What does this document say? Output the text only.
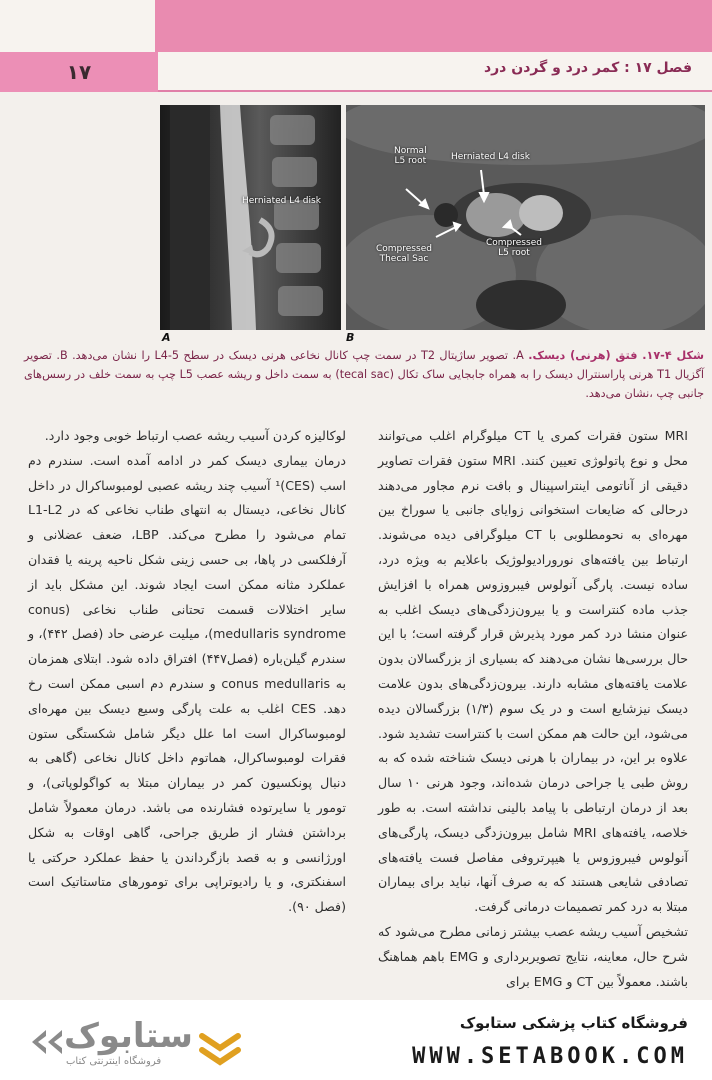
۱۷	فصل ۱۷ : کمر درد و گردن درد
Herniated L4 disk
A
Normal
L5 root	Herniated L4 disk
Compressed
Thecal Sac
Compressed
L5 root
B
شکل ۴-۱۷. فتق (هرنی) دیسک. A. تصویر ساژیتال T2 در سمت چپ کانال نخاعی هرنی دیسک در سطح L4-5 را نشان می‌دهد. B. تصویر آگزیال T1 هرنی پاراسنترال دیسک را به همراه جابجایی ساک تکال (tecal sac) به سمت داخل و ریشه عصب L5 چپ به سمت خلف در رسس‌های جانبی چپ ،نشان می‌دهد.

MRI ستون فقرات کمری یا CT میلوگرام اغلب می‌توانند محل و نوع پاتولوژی تعیین کنند. MRI ستون فقرات تصاویر دقیقی از آناتومی اینتراسپینال و بافت نرم مجاور می‌دهند درحالی که ضایعات استخوانی زوایای جانبی یا سوراخ بین مهره‌ای به نحومطلوبی با CT میلوگرافی دیده می‌شوند. ارتباط بین یافته‌های نورورادیولوژیک باعلایم به ویژه درد، ساده نیست. پارگی آنولوس فیبروزوس همراه با افزایش جذب ماده کنتراست و یا بیرون‌زدگی‌های دیسک اغلب به عنوان منشا درد کمر مورد پذیرش قرار گرفته است؛ با این حال بررسی‌ها نشان می‌دهند که بسیاری از بزرگسالان بدون علامت یافته‌های مشابه دارند. بیرون‌زدگی‌های بدون علامت دیسک نیزشایع است و در یک سوم (۱/۳) بزرگسالان دیده می‌شود، این حالت هم ممکن است با کنتراست تشدید شود. علاوه بر این، در بیماران با هرنی دیسک شناخته شده که به روش طبی یا جراحی درمان شده‌اند، وجود هرنی ۱۰ سال بعد از درمان ارتباطی با پیامد بالینی نداشته است. به طور خلاصه، یافته‌های MRI شامل بیرون‌زدگی دیسک، پارگی‌های آنولوس فیبروزوس یا هیپرتروفی مفاصل فست یافته‌های تصادفی شایعی هستند که به صرف آنها، نباید برای بیماران مبتلا به درد کمر تصمیمات درمانی گرفت.

تشخیص آسیب ریشه عصب بیشتر زمانی مطرح می‌شود که شرح حال، معاینه، نتایج تصویربرداری و EMG باهم هماهنگ باشند. معمولاً بین CT و EMG برای

لوکالیزه کردن آسیب ریشه عصب ارتباط خوبی وجود دارد.

درمان بیماری دیسک کمر در ادامه آمده است. سندرم دم اسب (CES)¹ آسیب چند ریشه عصبی لومبوساکرال در داخل کانال نخاعی، دیستال به انتهای طناب نخاعی که در L1-L2 تمام می‌شود را مطرح می‌کند. LBP، ضعف عضلانی و آرفلکسی در پاها، بی حسی زینی شکل ناحیه پرینه یا فقدان عملکرد مثانه ممکن است ایجاد شوند. این مشکل باید از سایر اختلالات قسمت تحتانی طناب نخاعی (conus medullaris syndrome)، میلیت عرضی حاد (فصل ۴۴۲)، و سندرم گیلن‌باره (فصل۴۴۷) افتراق داده شود. ابتلای همزمان به conus medullaris و سندرم دم اسبی ممکن است رخ دهد. CES اغلب به علت پارگی وسیع دیسک بین مهره‌ای لومبوساکرال است اما علل دیگر شامل شکستگی ستون فقرات لومبوساکرال، هماتوم داخل کانال نخاعی (گاهی به دنبال پونکسیون کمر در بیماران مبتلا به کواگولوپاتی)، و تومور یا سایرتوده فشارنده می باشد. درمان معمولاً شامل برداشتن فشار از طریق جراحی، گاهی اوقات به شکل اورژانسی و به قصد بازگرداندن یا حفظ عملکرد حرکتی یا اسفنکتری، و یا رادیوتراپی برای تومورهای متاستاتیک است (فصل ۹۰).

ستابوک
فروشگاه اینترنتی کتاب
فروشگاه کتاب پزشکی ستابوک
WWW.SETABOOK.COM
